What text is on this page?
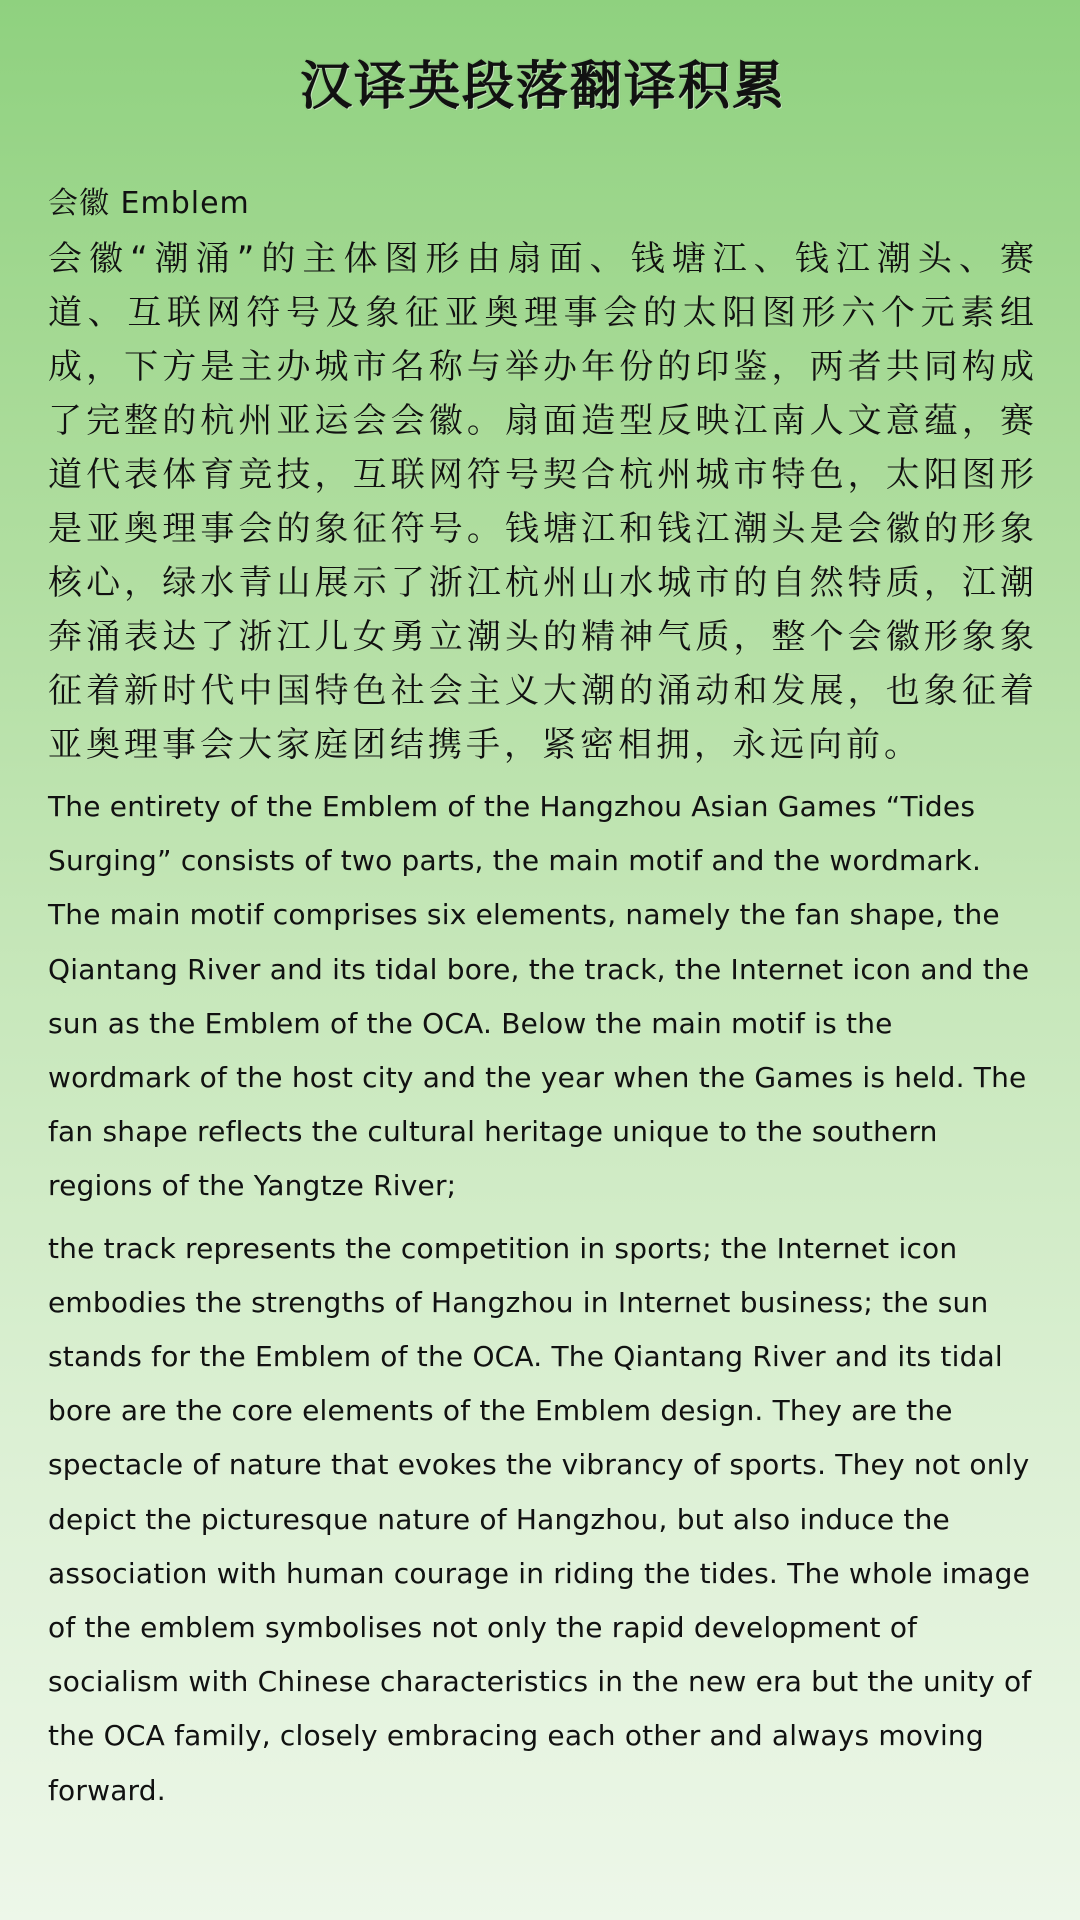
汉译英段落翻译积累
会徽 Emblem

会徽“潮涌”的主体图形由扇面、钱塘江、钱江潮头、赛道、互联网符号及象征亚奥理事会的太阳图形六个元素组成，下方是主办城市名称与举办年份的印鉴，两者共同构成了完整的杭州亚运会会徽。扇面造型反映江南人文意蕴，赛道代表体育竞技，互联网符号契合杭州城市特色，太阳图形是亚奥理事会的象征符号。钱塘江和钱江潮头是会徽的形象核心，绿水青山展示了浙江杭州山水城市的自然特质，江潮奔涌表达了浙江儿女勇立潮头的精神气质，整个会徽形象象征着新时代中国特色社会主义大潮的涌动和发展，也象征着亚奥理事会大家庭团结携手，紧密相拥，永远向前。

The entirety of the Emblem of the Hangzhou Asian Games “Tides Surging” consists of two parts, the main motif and the wordmark. The main motif comprises six elements, namely the fan shape, the Qiantang River and its tidal bore, the track, the Internet icon and the sun as the Emblem of the OCA. Below the main motif is the wordmark of the host city and the year when the Games is held. The fan shape reflects the cultural heritage unique to the southern regions of the Yangtze River;

the track represents the competition in sports; the Internet icon embodies the strengths of Hangzhou in Internet business; the sun stands for the Emblem of the OCA. The Qiantang River and its tidal bore are the core elements of the Emblem design. They are the spectacle of nature that evokes the vibrancy of sports. They not only depict the picturesque nature of Hangzhou, but also induce the association with human courage in riding the tides. The whole image of the emblem symbolises not only the rapid development of socialism with Chinese characteristics in the new era but the unity of the OCA family, closely embracing each other and always moving forward.
